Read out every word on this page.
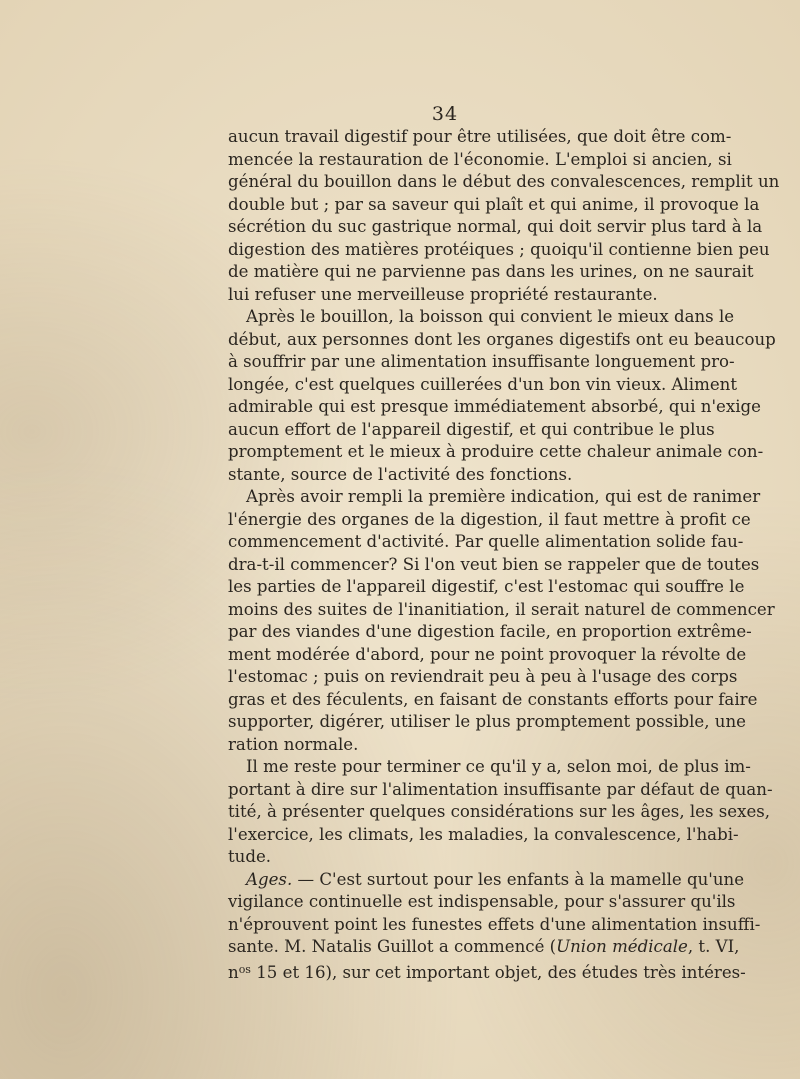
34
aucun travail digestif pour être utilisées, que doit être com-
mencée la restauration de l'économie. L'emploi si ancien, si
général du bouillon dans le début des convalescences, remplit un
double but ; par sa saveur qui plaît et qui anime, il provoque la
sécrétion du suc gastrique normal, qui doit servir plus tard à la
digestion des matières protéiques ; quoiqu'il contienne bien peu
de matière qui ne parvienne pas dans les urines, on ne saurait
lui refuser une merveilleuse propriété restaurante.
Après le bouillon, la boisson qui convient le mieux dans le
début, aux personnes dont les organes digestifs ont eu beaucoup
à souffrir par une alimentation insuffisante longuement pro-
longée, c'est quelques cuillerées d'un bon vin vieux. Aliment
admirable qui est presque immédiatement absorbé, qui n'exige
aucun effort de l'appareil digestif, et qui contribue le plus
promptement et le mieux à produire cette chaleur animale con-
stante, source de l'activité des fonctions.
Après avoir rempli la première indication, qui est de ranimer
l'énergie des organes de la digestion, il faut mettre à profit ce
commencement d'activité. Par quelle alimentation solide fau-
dra-t-il commencer? Si l'on veut bien se rappeler que de toutes
les parties de l'appareil digestif, c'est l'estomac qui souffre le
moins des suites de l'inanitiation, il serait naturel de commencer
par des viandes d'une digestion facile, en proportion extrême-
ment modérée d'abord, pour ne point provoquer la révolte de
l'estomac ; puis on reviendrait peu à peu à l'usage des corps
gras et des féculents, en faisant de constants efforts pour faire
supporter, digérer, utiliser le plus promptement possible, une
ration normale.
Il me reste pour terminer ce qu'il y a, selon moi, de plus im-
portant à dire sur l'alimentation insuffisante par défaut de quan-
tité, à présenter quelques considérations sur les âges, les sexes,
l'exercice, les climats, les maladies, la convalescence, l'habi-
tude.
Ages. — C'est surtout pour les enfants à la mamelle qu'une
vigilance continuelle est indispensable, pour s'assurer qu'ils
n'éprouvent point les funestes effets d'une alimentation insuffi-
sante. M. Natalis Guillot a commencé (Union médicale, t. VI,
$n^{os}$ 15 et 16), sur cet important objet, des études très intéres-
